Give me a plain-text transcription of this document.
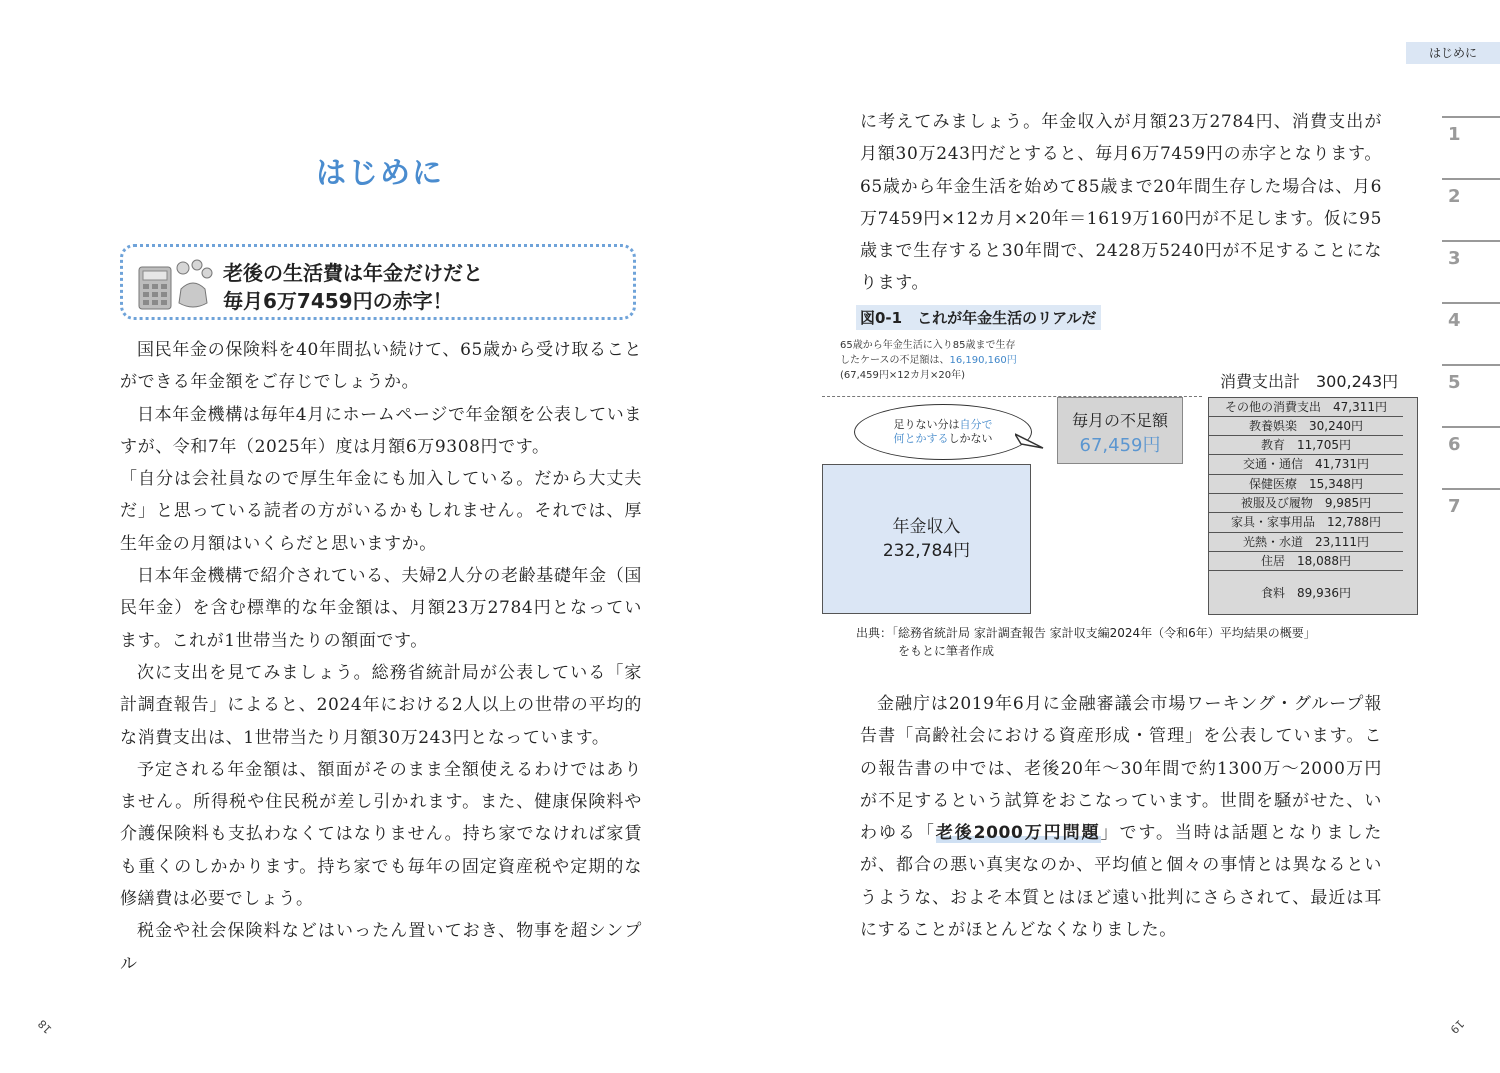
はじめに
老後の生活費は年金だけだと
毎月6万7459円の赤字！

国民年金の保険料を40年間払い続けて、65歳から受け取ることができる年金額をご存じでしょうか。

日本年金機構は毎年4月にホームページで年金額を公表していますが、令和7年（2025年）度は月額6万9308円です。

「自分は会社員なので厚生年金にも加入している。だから大丈夫だ」と思っている読者の方がいるかもしれません。それでは、厚生年金の月額はいくらだと思いますか。

日本年金機構で紹介されている、夫婦2人分の老齢基礎年金（国民年金）を含む標準的な年金額は、月額23万2784円となっています。これが1世帯当たりの額面です。

次に支出を見てみましょう。総務省統計局が公表している「家計調査報告」によると、2024年における2人以上の世帯の平均的な消費支出は、1世帯当たり月額30万243円となっています。

予定される年金額は、額面がそのまま全額使えるわけではありません。所得税や住民税が差し引かれます。また、健康保険料や介護保険料も支払わなくてはなりません。持ち家でなければ家賃も重くのしかかります。持ち家でも毎年の固定資産税や定期的な修繕費は必要でしょう。

税金や社会保険料などはいったん置いておき、物事を超シンプル

18
はじめに
1
2
3
4
5
6
7

に考えてみましょう。年金収入が月額23万2784円、消費支出が月額30万243円だとすると、毎月6万7459円の赤字となります。65歳から年金生活を始めて85歳まで20年間生存した場合は、月6万7459円×12カ月×20年＝1619万160円が不足します。仮に95歳まで生存すると30年間で、2428万5240円が不足することになります。

図0-1　これが年金生活のリアルだ
65歳から年金生活に入り85歳まで生存
したケースの不足額は、16,190,160円
(67,459円×12カ月×20年)	消費支出計　300,243円
足りない分は自分で
何とかするしかない
毎月の不足額
67,459円
年金収入
232,784円
その他の消費支出　47,311円
教養娯楽　30,240円
教育　11,705円
交通・通信　41,731円
保健医療　15,348円
被服及び履物　9,985円
家具・家事用品　12,788円
光熱・水道　23,111円
住居　18,088円
食料　89,936円
出典：「総務省統計局 家計調査報告 家計収支編2024年（令和6年）平均結果の概要」
をもとに筆者作成

金融庁は2019年6月に金融審議会市場ワーキング・グループ報告書「高齢社会における資産形成・管理」を公表しています。この報告書の中では、老後20年〜30年間で約1300万〜2000万円が不足するという試算をおこなっています。世間を騒がせた、いわゆる「老後2000万円問題」です。当時は話題となりましたが、都合の悪い真実なのか、平均値と個々の事情とは異なるというような、およそ本質とはほど遠い批判にさらされて、最近は耳にすることがほとんどなくなりました。

19
